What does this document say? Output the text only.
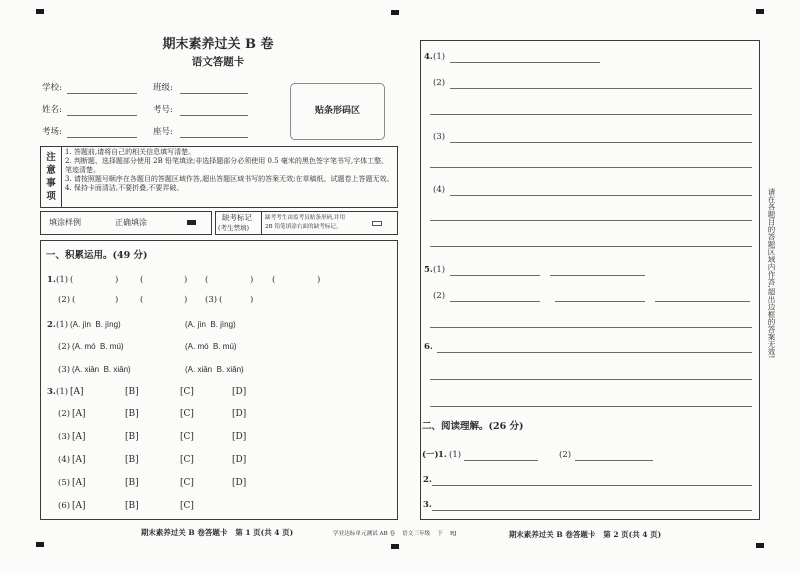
期末素养过关 B 卷
语文答题卡
学校:	班级:
姓名:	考号:
考场:	座号:
贴条形码区
注
意
事
项
1. 答题前,请将自己的相关信息填写清楚。
2. 判断题、选择题部分使用 2B 铅笔填涂;非选择题部分必须使用 0.5 毫米的黑色签字笔书写,字体工整、笔迹清楚。
3. 请按照题号顺序在各题目的答题区域作答,超出答题区域书写的答案无效;在草稿纸、试题卷上答题无效。
4. 保持卡面清洁,不要折叠,不要弄破。
填涂样例	正确填涂
缺考标记
(考生禁填)
缺考考生由监考员贴条形码,并用 2B 铅笔填涂右面的缺考标记。
一、积累运用。(49 分)
1. (1) (	)	(	) (	) (	)
(2) (	)	(	) (3) (	)
2. (1) (A. jìn  B. jìng)	(A. jìn  B. jìng)
(2) (A. mó  B. mú)	(A. mó  B. mú)
(3) (A. xiān  B. xiǎn)	(A. xiān  B. xiǎn)
3. (1) [A]	[B]	[C]	[D]
(2) [A]	[B]	[C]	[D]
(3) [A]	[B]	[C]	[D]
(4) [A]	[B]	[C]	[D]
(5) [A]	[B]	[C]	[D]
(6) [A]	[B]	[C]
期末素养过关 B 卷答题卡   第 1 页(共 4 页)	学业达标单元测试 AB 卷    语文三年级    下    RJ
4. (1)
(2)
(3)
(4)
5. (1)
(2)
6.
二、阅读理解。(26 分)
(一) 1. (1)	(2)
2.
3.
期末素养过关 B 卷答题卡   第 2 页(共 4 页)
请在各题目的答题区域内作答,超出边框的答案无效!
